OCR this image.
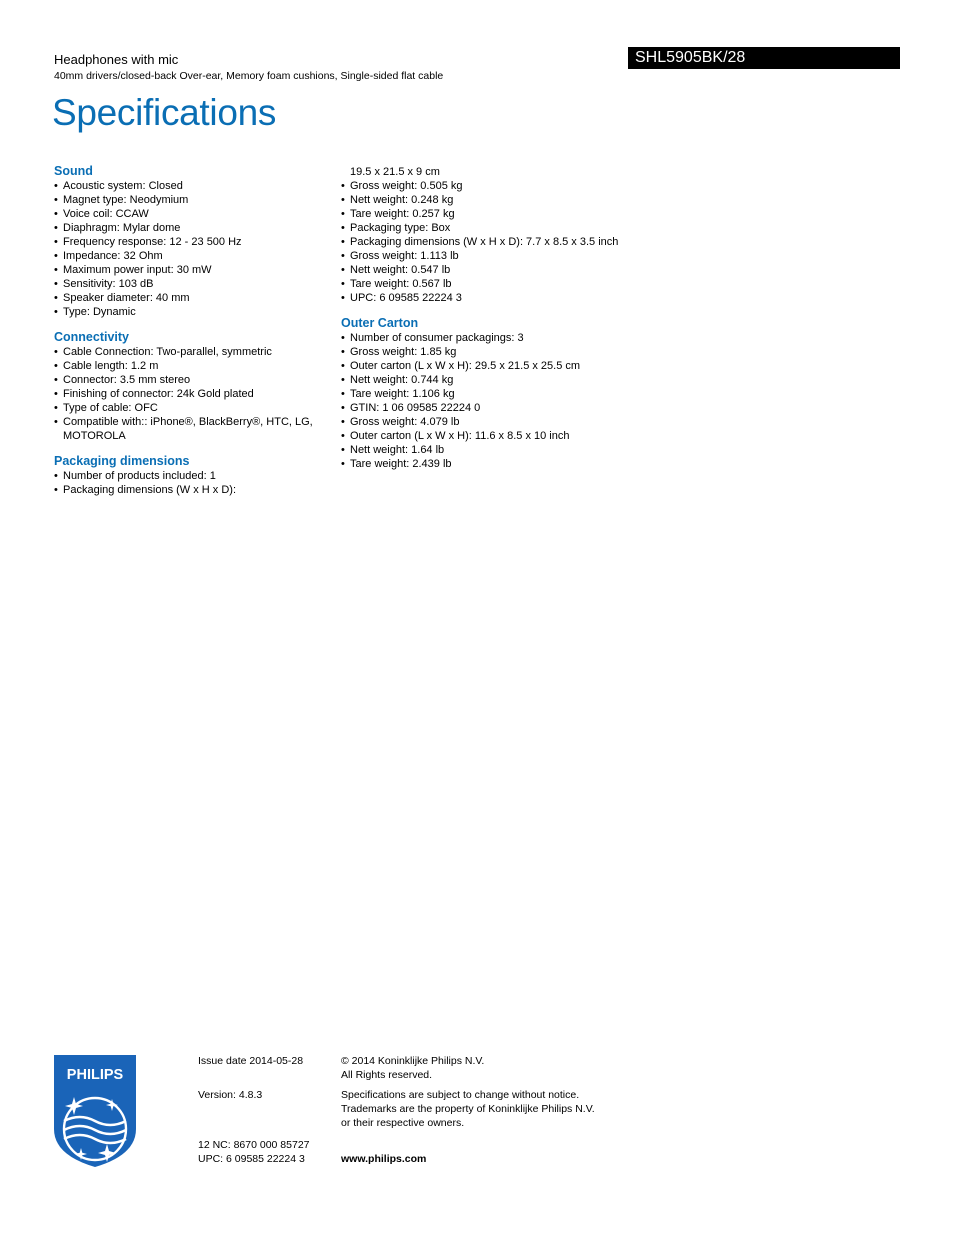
Headphones with mic
40mm drivers/closed-back Over-ear, Memory foam cushions, Single-sided flat cable
SHL5905BK/28
Specifications
Sound
• Acoustic system: Closed
• Magnet type: Neodymium
• Voice coil: CCAW
• Diaphragm: Mylar dome
• Frequency response: 12 - 23 500 Hz
• Impedance: 32 Ohm
• Maximum power input: 30 mW
• Sensitivity: 103 dB
• Speaker diameter: 40 mm
• Type: Dynamic
Connectivity
• Cable Connection: Two-parallel, symmetric
• Cable length: 1.2 m
• Connector: 3.5 mm stereo
• Finishing of connector: 24k Gold plated
• Type of cable: OFC
• Compatible with:: iPhone®, BlackBerry®, HTC, LG, MOTOROLA
Packaging dimensions
• Number of products included: 1
• Packaging dimensions (W x H x D):
19.5 x 21.5 x 9 cm
• Gross weight: 0.505 kg
• Nett weight: 0.248 kg
• Tare weight: 0.257 kg
• Packaging type: Box
• Packaging dimensions (W x H x D): 7.7 x 8.5 x 3.5 inch
• Gross weight: 1.113 lb
• Nett weight: 0.547 lb
• Tare weight: 0.567 lb
• UPC: 6 09585 22224 3
Outer Carton
• Number of consumer packagings: 3
• Gross weight: 1.85 kg
• Outer carton (L x W x H): 29.5 x 21.5 x 25.5 cm
• Nett weight: 0.744 kg
• Tare weight: 1.106 kg
• GTIN: 1 06 09585 22224 0
• Gross weight: 4.079 lb
• Outer carton (L x W x H): 11.6 x 8.5 x 10 inch
• Nett weight: 1.64 lb
• Tare weight: 2.439 lb
PHILIPS
Issue date 2014-05-28
Version: 4.8.3
12 NC: 8670 000 85727
UPC: 6 09585 22224 3
© 2014 Koninklijke Philips N.V.
All Rights reserved.
Specifications are subject to change without notice.
Trademarks are the property of Koninklijke Philips N.V.
or their respective owners.
www.philips.com
